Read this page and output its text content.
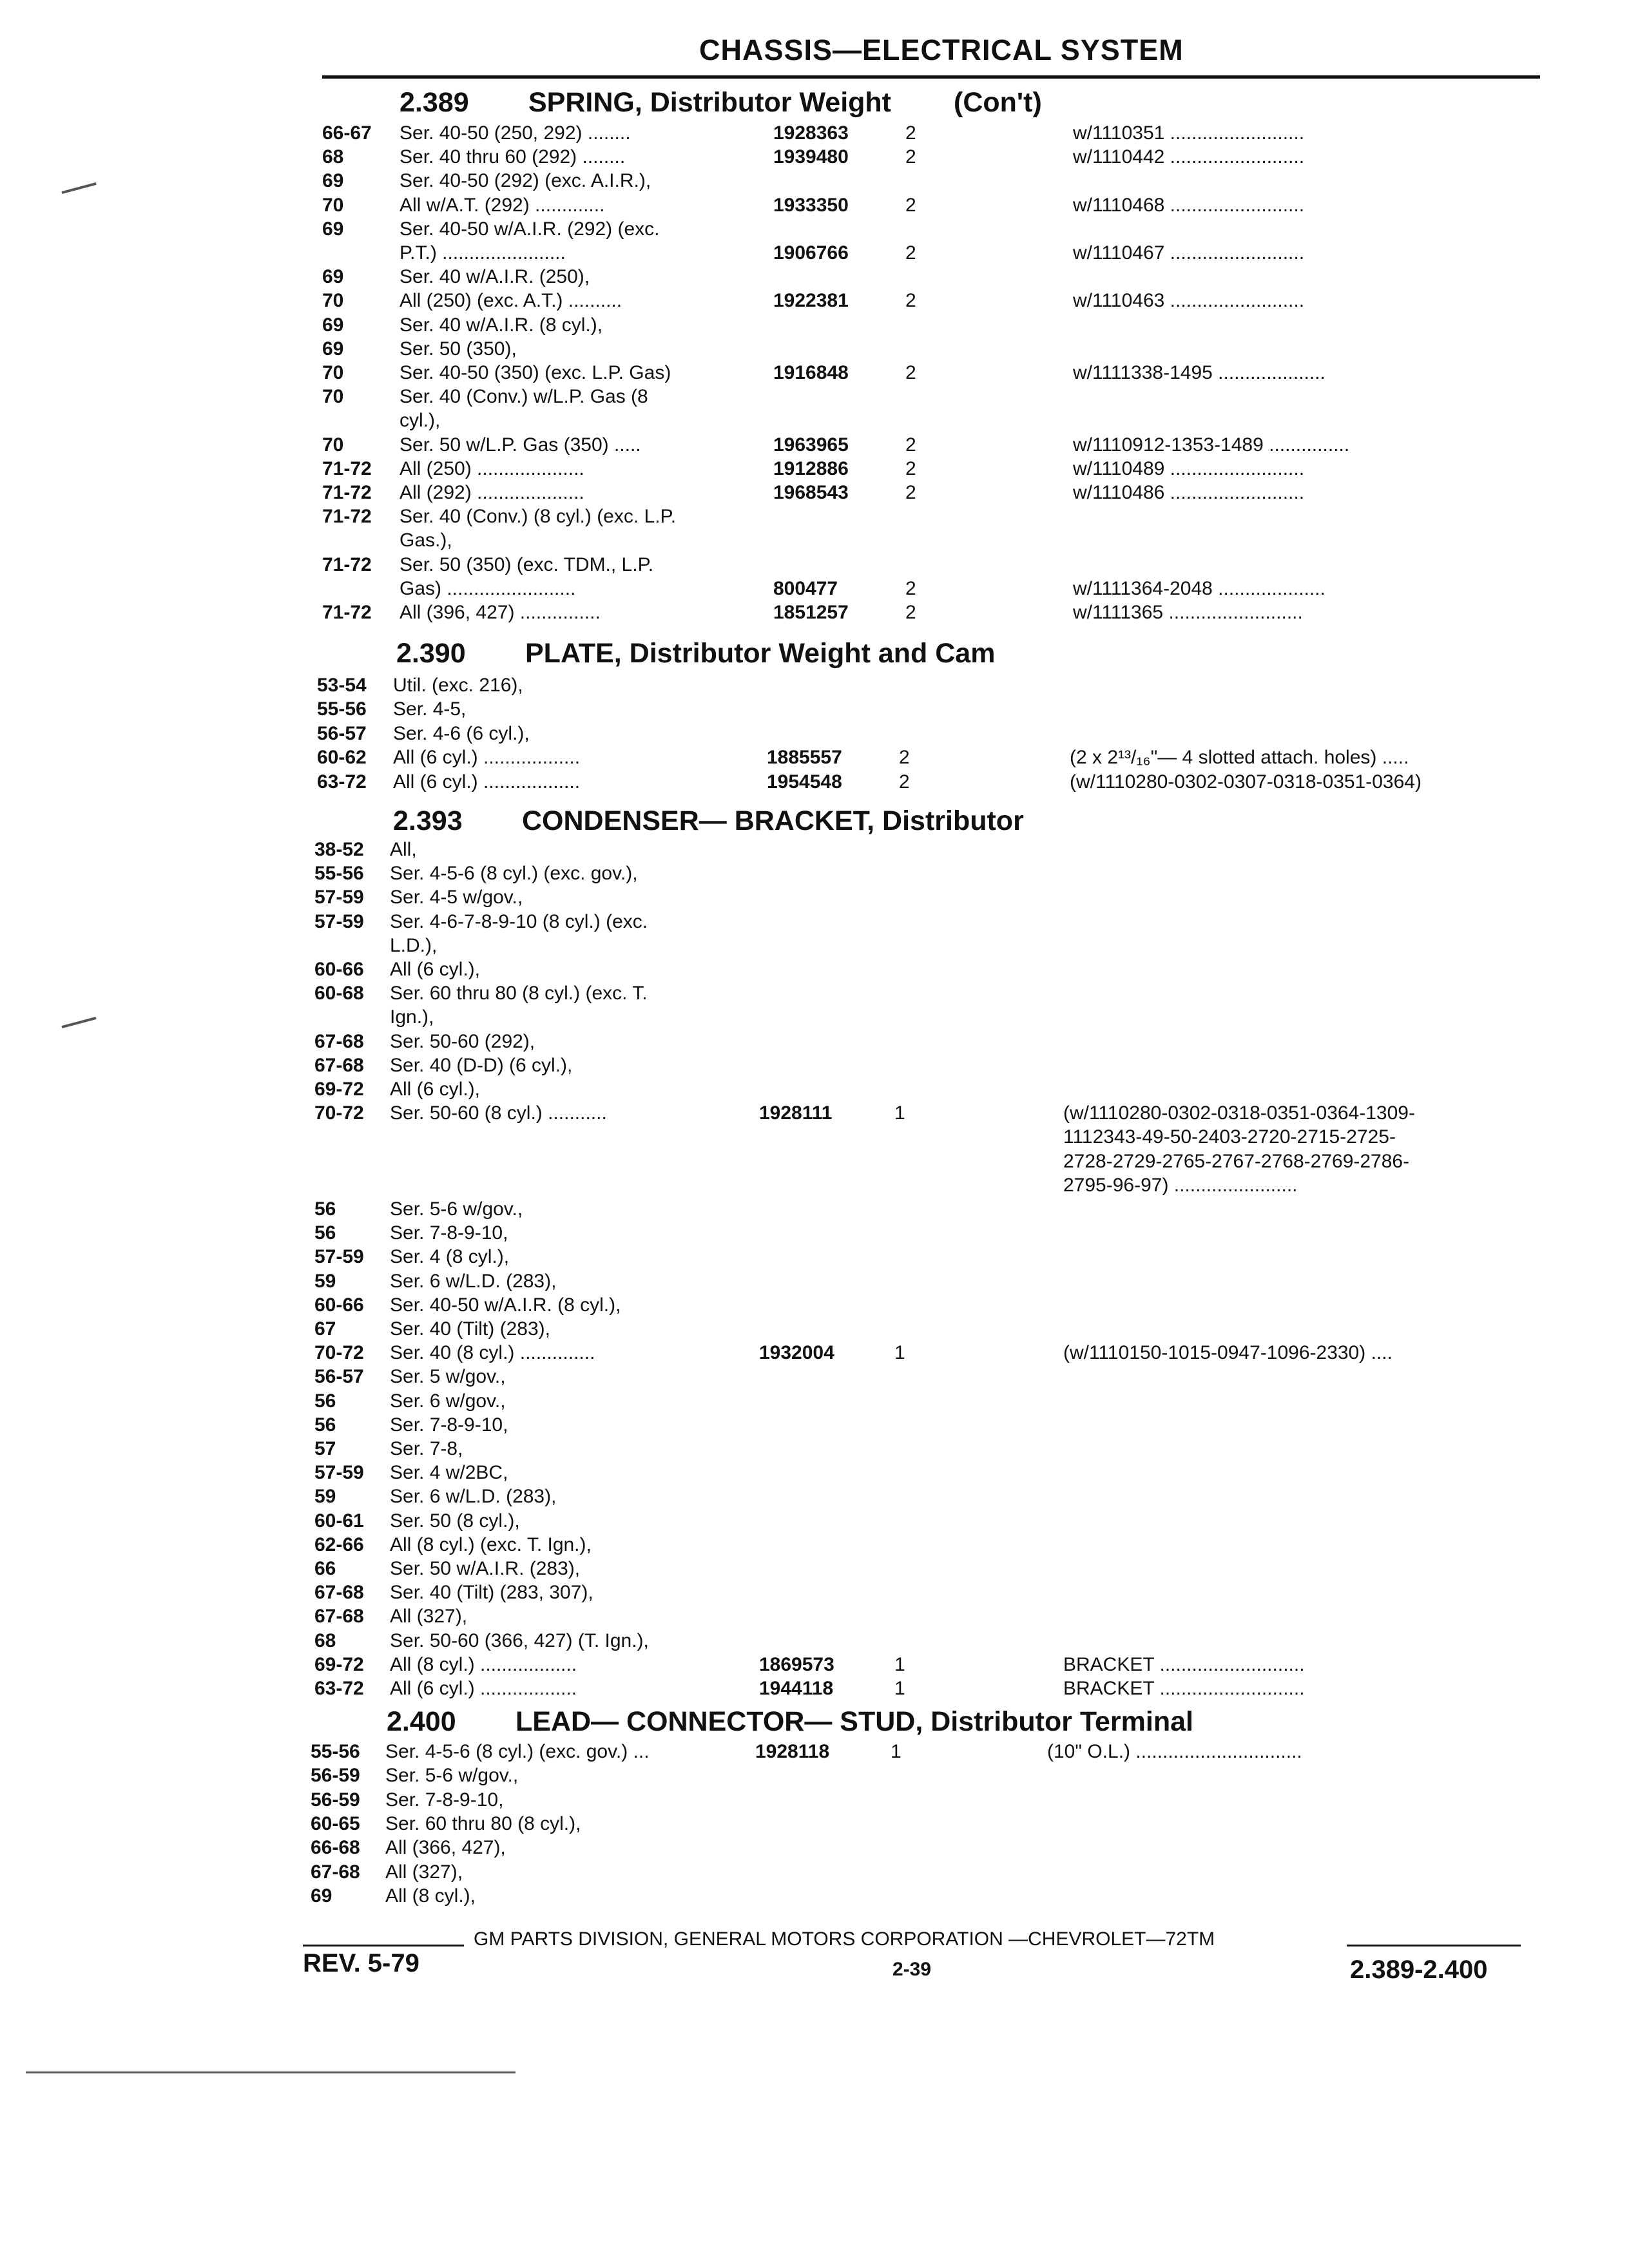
CHASSIS—ELECTRICAL SYSTEM
2.389 SPRING, Distributor Weight (Con't)
66-67 Ser. 40-50 (250, 292) ........	1928363	2	w/1110351 .........................
68	Ser. 40 thru 60 (292) ........	1939480	2	w/1110442 .........................
69	Ser. 40-50 (292) (exc. A.I.R.),
70	All w/A.T. (292) .............	1933350	2	w/1110468 .........................
69	Ser. 40-50 w/A.I.R. (292) (exc.
P.T.) .......................	1906766	2	w/1110467 .........................
69	Ser. 40 w/A.I.R. (250),
70	All (250) (exc. A.T.) ..........	1922381	2	w/1110463 .........................
69	Ser. 40 w/A.I.R. (8 cyl.),
69	Ser. 50 (350),
70	Ser. 40-50 (350) (exc. L.P. Gas)	1916848	2	w/1111338-1495 ....................
70	Ser. 40 (Conv.) w/L.P. Gas (8
cyl.),
70	Ser. 50 w/L.P. Gas (350) .....	1963965	2	w/1110912-1353-1489 ...............
71-72 All (250) ....................	1912886	2	w/1110489 .........................
71-72 All (292) ....................	1968543	2	w/1110486 .........................
71-72 Ser. 40 (Conv.) (8 cyl.) (exc. L.P.
Gas.),
71-72 Ser. 50 (350) (exc. TDM., L.P.
Gas) ........................	800477	2	w/1111364-2048 ....................
71-72 All (396, 427) ...............	1851257	2	w/1111365 .........................
2.390 PLATE, Distributor Weight and Cam
53-54 Util. (exc. 216),
55-56 Ser. 4-5,
56-57 Ser. 4-6 (6 cyl.),
60-62 All (6 cyl.) ..................	1885557	2	(2 x 2¹³/₁₆"— 4 slotted attach. holes) .....
63-72 All (6 cyl.) ..................	1954548	2	(w/1110280-0302-0307-0318-0351-0364)
2.393 CONDENSER— BRACKET, Distributor
38-52 All,
55-56 Ser. 4-5-6 (8 cyl.) (exc. gov.),
57-59 Ser. 4-5 w/gov.,
57-59 Ser. 4-6-7-8-9-10 (8 cyl.) (exc.
L.D.),
60-66 All (6 cyl.),
60-68 Ser. 60 thru 80 (8 cyl.) (exc. T.
Ign.),
67-68 Ser. 50-60 (292),
67-68 Ser. 40 (D-D) (6 cyl.),
69-72 All (6 cyl.),
70-72 Ser. 50-60 (8 cyl.) ...........	1928111	1	(w/1110280-0302-0318-0351-0364-1309-
1112343-49-50-2403-2720-2715-2725-
2728-2729-2765-2767-2768-2769-2786-
2795-96-97) .......................
56	Ser. 5-6 w/gov.,
56	Ser. 7-8-9-10,
57-59 Ser. 4 (8 cyl.),
59	Ser. 6 w/L.D. (283),
60-66 Ser. 40-50 w/A.I.R. (8 cyl.),
67	Ser. 40 (Tilt) (283),
70-72 Ser. 40 (8 cyl.) ..............	1932004	1	(w/1110150-1015-0947-1096-2330) ....
56-57 Ser. 5 w/gov.,
56	Ser. 6 w/gov.,
56	Ser. 7-8-9-10,
57	Ser. 7-8,
57-59 Ser. 4 w/2BC,
59	Ser. 6 w/L.D. (283),
60-61 Ser. 50 (8 cyl.),
62-66 All (8 cyl.) (exc. T. Ign.),
66	Ser. 50 w/A.I.R. (283),
67-68 Ser. 40 (Tilt) (283, 307),
67-68 All (327),
68	Ser. 50-60 (366, 427) (T. Ign.),
69-72 All (8 cyl.) ..................	1869573	1	BRACKET ...........................
63-72 All (6 cyl.) ..................	1944118	1	BRACKET ...........................
2.400 LEAD— CONNECTOR— STUD, Distributor Terminal
55-56 Ser. 4-5-6 (8 cyl.) (exc. gov.) ...	1928118	1	(10" O.L.) ...............................
56-59 Ser. 5-6 w/gov.,
56-59 Ser. 7-8-9-10,
60-65 Ser. 60 thru 80 (8 cyl.),
66-68 All (366, 427),
67-68 All (327),
69	All (8 cyl.),
GM PARTS DIVISION, GENERAL MOTORS CORPORATION —CHEVROLET—72TM
REV. 5-79	2-39	2.389-2.400
